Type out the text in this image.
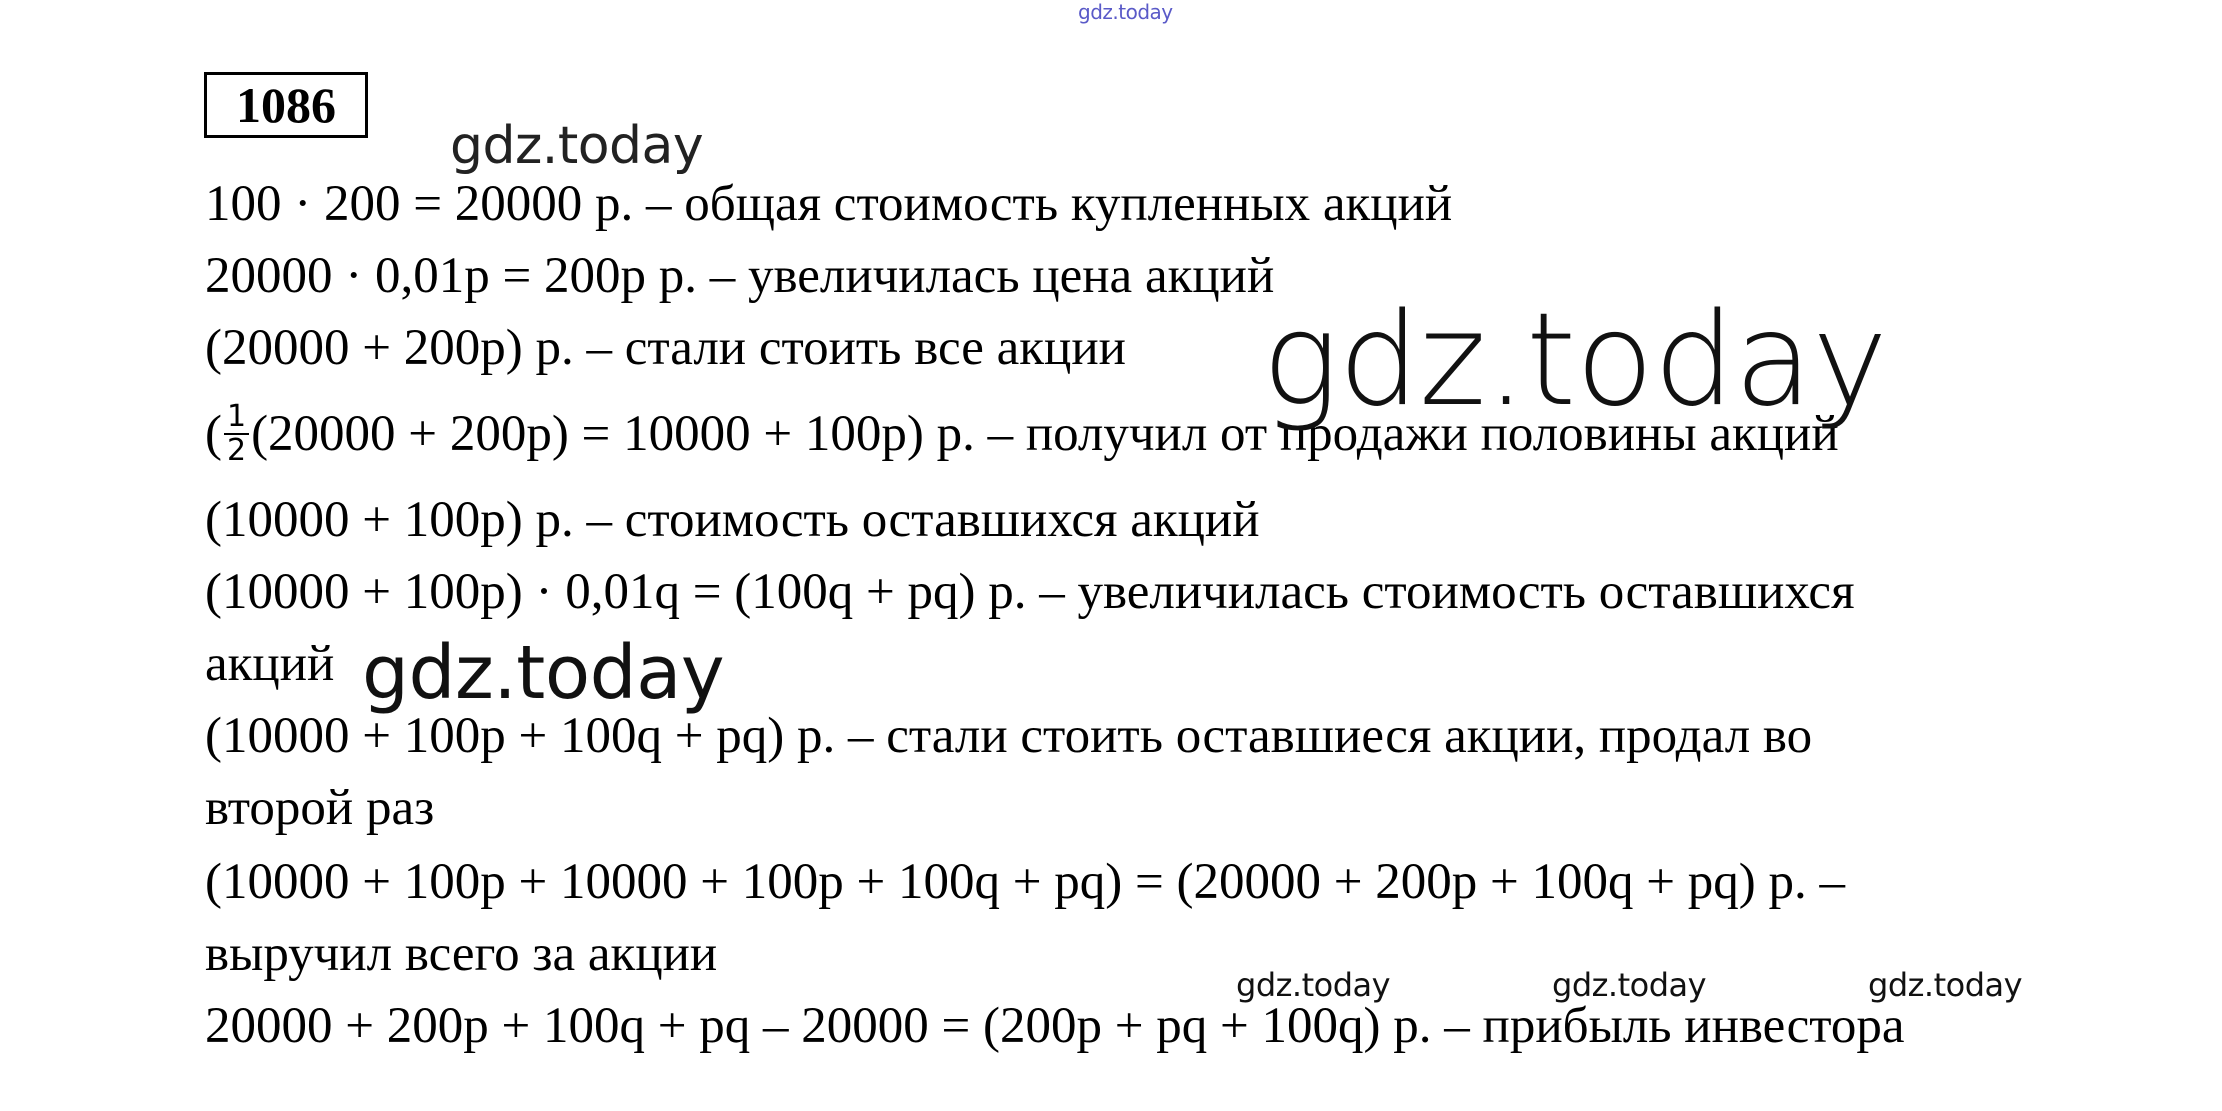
1086
100 · 200 = 20000 р. – общая стоимость купленных акций
20000 · 0,01p = 200p р. – увеличилась цена акций
(20000 + 200p) р. – стали стоить все акции
( $\frac{1}{2} (20000 + 200p) = 10000 + 100p$) р. – получил от продажи половины акций
(10000 + 100p) р. – стоимость оставшихся акций
(10000 + 100p) · 0,01q = (100q + pq) р. – увеличилась стоимость оставшихся
акций
(10000 + 100p + 100q + pq) р. – стали стоить оставшиеся акции, продал во
второй раз
(10000 + 100p + 10000 + 100p + 100q + pq) = (20000 + 200p + 100q + pq) р. –
выручил всего за акции
20000 + 200p + 100q + pq – 20000 = (200p + pq + 100q) р. – прибыль инвестора
gdz.today
gdz.today
gdz.today
gdz.today
gdz.today	gdz.today	gdz.today
